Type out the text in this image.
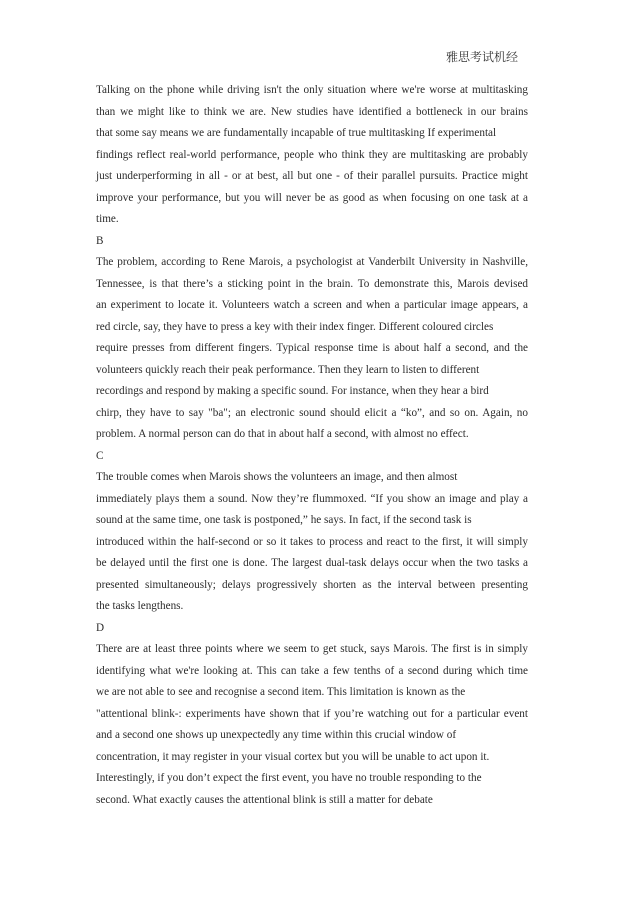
雅思考试机经
Talking on the phone while driving isn't the only situation where we're worse at multitasking
than we might like to think we are. New studies have identified a bottleneck in our brains
that some say means we are fundamentally incapable of true multitasking If experimental
findings reflect real-world performance, people who think they are multitasking are probably
just underperforming in all - or at best, all but one - of their parallel pursuits. Practice might
improve your performance, but you will never be as good as when focusing on one task at a
time.
B
The problem, according to Rene Marois, a psychologist at Vanderbilt University in Nashville,
Tennessee, is that there’s a sticking point in the brain. To demonstrate this, Marois devised
an experiment to locate it. Volunteers watch a screen and when a particular image appears, a
red circle, say, they have to press a key with their index finger. Different coloured circles
require presses from different fingers. Typical response time is about half a second, and the
volunteers quickly reach their peak performance. Then they learn to listen to different
recordings and respond by making a specific sound. For instance, when they hear a bird
chirp, they have to say "ba"; an electronic sound should elicit a “ko”, and so on. Again, no
problem. A normal person can do that in about half a second, with almost no effect.
C
The trouble comes when Marois shows the volunteers an image, and then almost
immediately plays them a sound. Now they’re flummoxed. “If you show an image and play a
sound at the same time, one task is postponed,” he says. In fact, if the second task is
introduced within the half-second or so it takes to process and react to the first, it will simply
be delayed until the first one is done. The largest dual-task delays occur when the two tasks a
presented simultaneously; delays progressively shorten as the interval between presenting
the tasks lengthens.
D
There are at least three points where we seem to get stuck, says Marois. The first is in simply
identifying what we're looking at. This can take a few tenths of a second during which time
we are not able to see and recognise a second item. This limitation is known as the
"attentional blink-: experiments have shown that if you’re watching out for a particular event
and a second one shows up unexpectedly any time within this crucial window of
concentration, it may register in your visual cortex but you will be unable to act upon it.
Interestingly, if you don’t expect the first event, you have no trouble responding to the
second. What exactly causes the attentional blink is still a matter for debate
